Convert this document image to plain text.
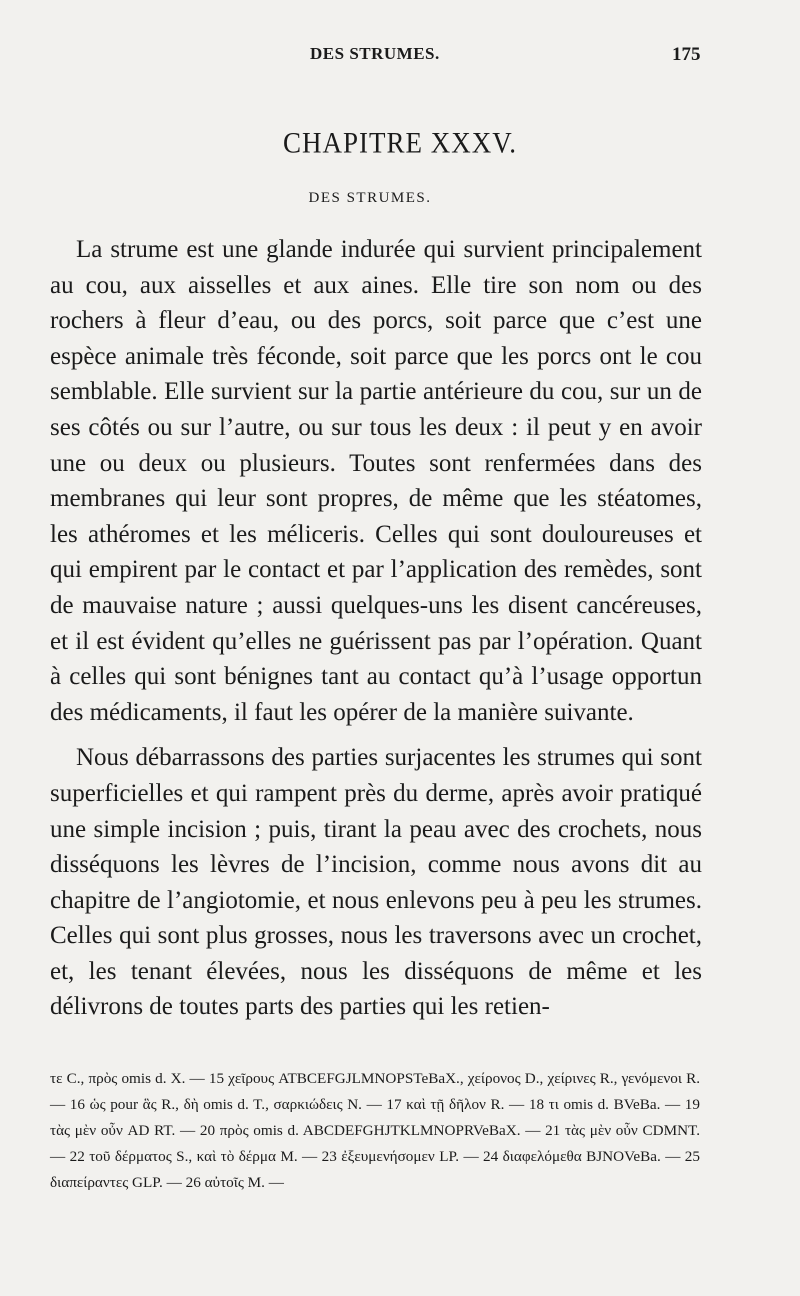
DES STRUMES.	175
CHAPITRE XXXV.
DES STRUMES.

La strume est une glande indurée qui survient principalement au cou, aux aisselles et aux aines. Elle tire son nom ou des rochers à fleur d’eau, ou des porcs, soit parce que c’est une espèce animale très féconde, soit parce que les porcs ont le cou semblable. Elle survient sur la partie antérieure du cou, sur un de ses côtés ou sur l’autre, ou sur tous les deux : il peut y en avoir une ou deux ou plusieurs. Toutes sont renfermées dans des membranes qui leur sont propres, de même que les stéatomes, les athéromes et les méliceris. Celles qui sont douloureuses et qui empirent par le contact et par l’application des remèdes, sont de mauvaise nature ; aussi quelques-uns les disent cancéreuses, et il est évident qu’elles ne guérissent pas par l’opération. Quant à celles qui sont bénignes tant au contact qu’à l’usage opportun des médicaments, il faut les opérer de la manière suivante.

Nous débarrassons des parties surjacentes les strumes qui sont superficielles et qui rampent près du derme, après avoir pratiqué une simple incision ; puis, tirant la peau avec des crochets, nous disséquons les lèvres de l’incision, comme nous avons dit au chapitre de l’angiotomie, et nous enlevons peu à peu les strumes. Celles qui sont plus grosses, nous les traversons avec un crochet, et, les tenant élevées, nous les disséquons de même et les délivrons de toutes parts des parties qui les retien-

τε C., πρὸς omis d. X. — 15 χεῖρους ATBCEFGJLMNOPSTeBaX., χείρονος D., χείρινες R., γενόμενοι R. — 16 ὡς pour ἃς R., δὴ omis d. T., σαρκιώδεις N. — 17 καὶ τῇ δῆλον R. — 18 τι omis d. BVeBa. — 19 τὰς μὲν οὖν AD RT. — 20 πρὸς omis d. ABCDEFGHJTKLMNOPRVeBaX. — 21 τὰς μὲν οὖν CDMNT. — 22 τοῦ δέρματος S., καὶ τὸ δέρμα M. — 23 ἐξευμενήσομεν LP. — 24 διαφελόμεθα BJNOVeBa. — 25 διαπείραντες GLP. — 26 αὐτοῖς M. —
